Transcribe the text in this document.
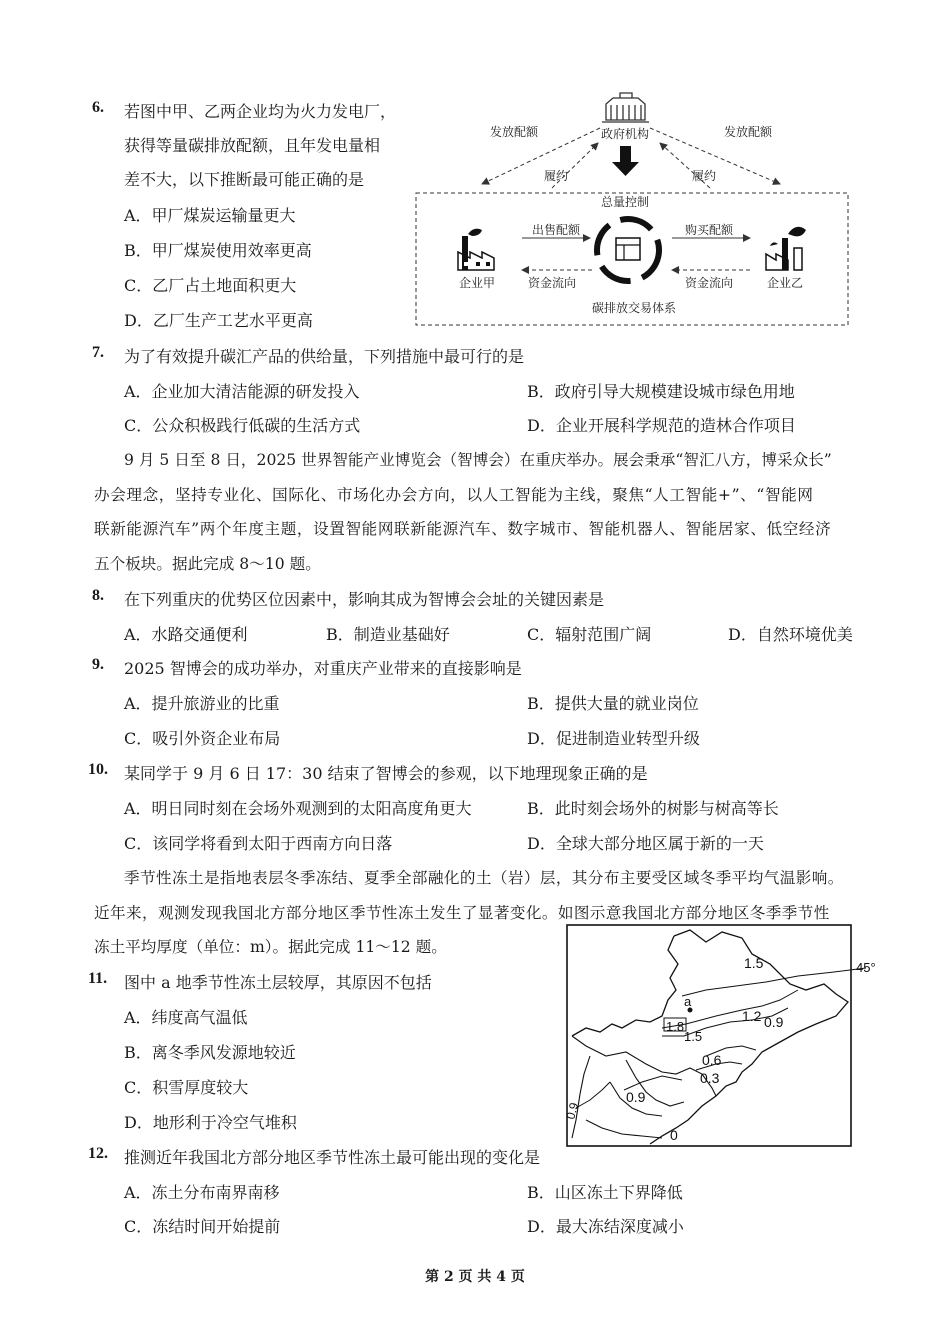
6. 若图中甲、乙两企业均为火力发电厂，
获得等量碳排放配额，且年发电量相
差不大，以下推断最可能正确的是
A．甲厂煤炭运输量更大
B．甲厂煤炭使用效率更高
C．乙厂占土地面积更大
D．乙厂生产工艺水平更高
政府机构
发放配额	发放配额
履约	履约
总量控制
出售配额
资金流向
购买配额
资金流向
企业甲	企业乙
碳排放交易体系
7. 为了有效提升碳汇产品的供给量，下列措施中最可行的是
A．企业加大清洁能源的研发投入	B．政府引导大规模建设城市绿色用地
C．公众积极践行低碳的生活方式	D．企业开展科学规范的造林合作项目
9 月 5 日至 8 日，2025 世界智能产业博览会（智博会）在重庆举办。展会秉承“智汇八方，博采众长”
办会理念，坚持专业化、国际化、市场化办会方向，以人工智能为主线，聚焦“人工智能+”、“智能网
联新能源汽车”两个年度主题，设置智能网联新能源汽车、数字城市、智能机器人、智能居家、低空经济
五个板块。据此完成 8～10 题。
8. 在下列重庆的优势区位因素中，影响其成为智博会会址的关键因素是
A．水路交通便利	B．制造业基础好	C．辐射范围广阔	D．自然环境优美
9. 2025 智博会的成功举办，对重庆产业带来的直接影响是
A．提升旅游业的比重	B．提供大量的就业岗位
C．吸引外资企业布局	D．促进制造业转型升级
10. 某同学于 9 月 6 日 17：30 结束了智博会的参观，以下地理现象正确的是
A．明日同时刻在会场外观测到的太阳高度角更大	B．此时刻会场外的树影与树高等长
C．该同学将看到太阳于西南方向日落	D．全球大部分地区属于新的一天
季节性冻土是指地表层冬季冻结、夏季全部融化的土（岩）层，其分布主要受区域冬季平均气温影响。
近年来，观测发现我国北方部分地区季节性冻土发生了显著变化。如图示意我国北方部分地区冬季季节性
冻土平均厚度（单位：m）。据此完成 11～12 题。
1.5
1.2 0.9
1.8
1.5
0.6
0.3
0.9
0.9
0
a
45°
11. 图中 a 地季节性冻土层较厚，其原因不包括
A．纬度高气温低
B．离冬季风发源地较近
C．积雪厚度较大
D．地形利于冷空气堆积
12. 推测近年我国北方部分地区季节性冻土最可能出现的变化是
A．冻土分布南界南移	B．山区冻土下界降低
C．冻结时间开始提前	D．最大冻结深度减小
第 2 页 共 4 页
